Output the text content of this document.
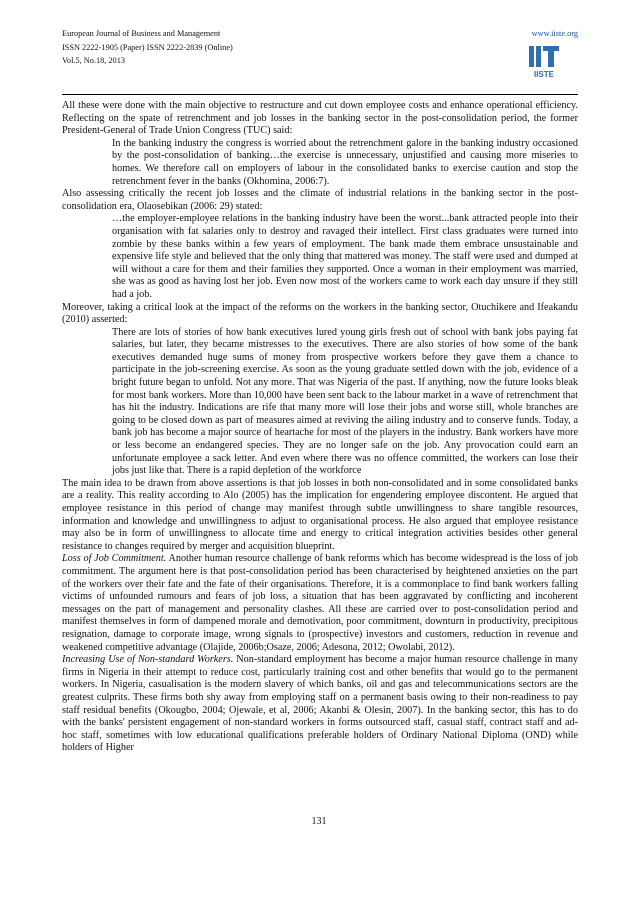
European Journal of Business and Management	www.iiste.org
ISSN 2222-1905 (Paper) ISSN 2222-2839 (Online)
Vol.5, No.18, 2013
IISTE

All these were done with the main objective to restructure and cut down employee costs and enhance operational efficiency. Reflecting on the spate of retrenchment and job losses in the banking sector in the post-consolidation period, the former President-General of Trade Union Congress (TUC) said:

In the banking industry the congress is worried about the retrenchment galore in the banking industry occasioned by the post-consolidation of banking…the exercise is unnecessary, unjustified and causing more miseries to homes. We therefore call on employers of labour in the consolidated banks to exercise caution and stop the retrenchment fever in the banks (Okhomina, 2006:7).

Also assessing critically the recent job losses and the climate of industrial relations in the banking sector in the post-consolidation era, Olaosebikan (2006: 29) stated:

…the employer-employee relations in the banking industry have been the worst...bank attracted people into their organisation with fat salaries only to destroy and ravaged their intellect. First class graduates were turned into zombie by these banks within a few years of employment. The bank made them embrace unsustainable and expensive life style and believed that the only thing that mattered was money. The staff were used and dumped at will without a care for them and their families they supported. Once a woman in their employment was married, she was as good as having lost her job. Even now most of the workers came to work each day unsure if they still had a job.

Moreover, taking a critical look at the impact of the reforms on the workers in the banking sector, Otuchikere and Ifeakandu (2010) asserted:

There are lots of stories of how bank executives lured young girls fresh out of school with bank jobs paying fat salaries, but later, they became mistresses to the executives. There are also stories of how some of the bank executives demanded huge sums of money from prospective workers before they gave them a chance to participate in the job-screening exercise. As soon as the young graduate settled down with the job, evidence of a bright future began to unfold. Not any more. That was Nigeria of the past. If anything, now the future looks bleak for most bank workers. More than 10,000 have been sent back to the labour market in a wave of retrenchment that has hit the industry. Indications are rife that many more will lose their jobs and worse still, whole branches are going to be closed down as part of measures aimed at reviving the ailing industry and to conserve funds. Today, a bank job has become a major source of heartache for most of the players in the industry. Bank workers have more or less become an endangered species. They are no longer safe on the job. Any provocation could earn an unfortunate employee a sack letter. And even where there was no offence committed, the workers can lose their jobs just like that. There is a rapid depletion of the workforce

The main idea to be drawn from above assertions is that job losses in both non-consolidated and in some consolidated banks are a reality. This reality according to Alo (2005) has the implication for engendering employee discontent. He argued that employee resistance in this period of change may manifest through subtle unwillingness to share tangible resources, information and knowledge and unwillingness to adjust to organisational process. He also argued that employee resistance may also be in form of unwillingness to allocate time and energy to critical integration activities besides other general resistance to changes required by merger and acquisition blueprint.

Loss of Job Commitment. Another human resource challenge of bank reforms which has become widespread is the loss of job commitment. The argument here is that post-consolidation period has been characterised by heightened anxieties on the part of the workers over their fate and the fate of their organisations. Therefore, it is a commonplace to find bank workers falling victims of unfounded rumours and fears of job loss, a situation that has been aggravated by conflicting and incoherent messages on the part of management and personality clashes. All these are carried over to post-consolidation period and manifest themselves in form of dampened morale and demotivation, poor commitment, downturn in productivity, precipitous resignation, damage to corporate image, wrong signals to (prospective) investors and customers, reduction in revenue and weakened competitive advantage (Olajide, 2006b;Osaze, 2006; Adesona, 2012; Owolabi, 2012).

Increasing Use of Non-standard Workers. Non-standard employment has become a major human resource challenge in many firms in Nigeria in their attempt to reduce cost, particularly training cost and other benefits that would go to the permanent workers. In Nigeria, casualisation is the modern slavery of which banks, oil and gas and telecommunications sectors are the greatest culprits. These firms both shy away from employing staff on a permanent basis owing to their non-readiness to pay staff residual benefits (Okougbo, 2004; Ojewale, et al, 2006; Akanbi & Olesin, 2007). In the banking sector, this has to do with the banks' persistent engagement of non-standard workers in forms outsourced staff, casual staff, contract staff and ad-hoc staff, sometimes with low educational qualifications preferable holders of Ordinary National Diploma (OND) while holders of Higher

131
